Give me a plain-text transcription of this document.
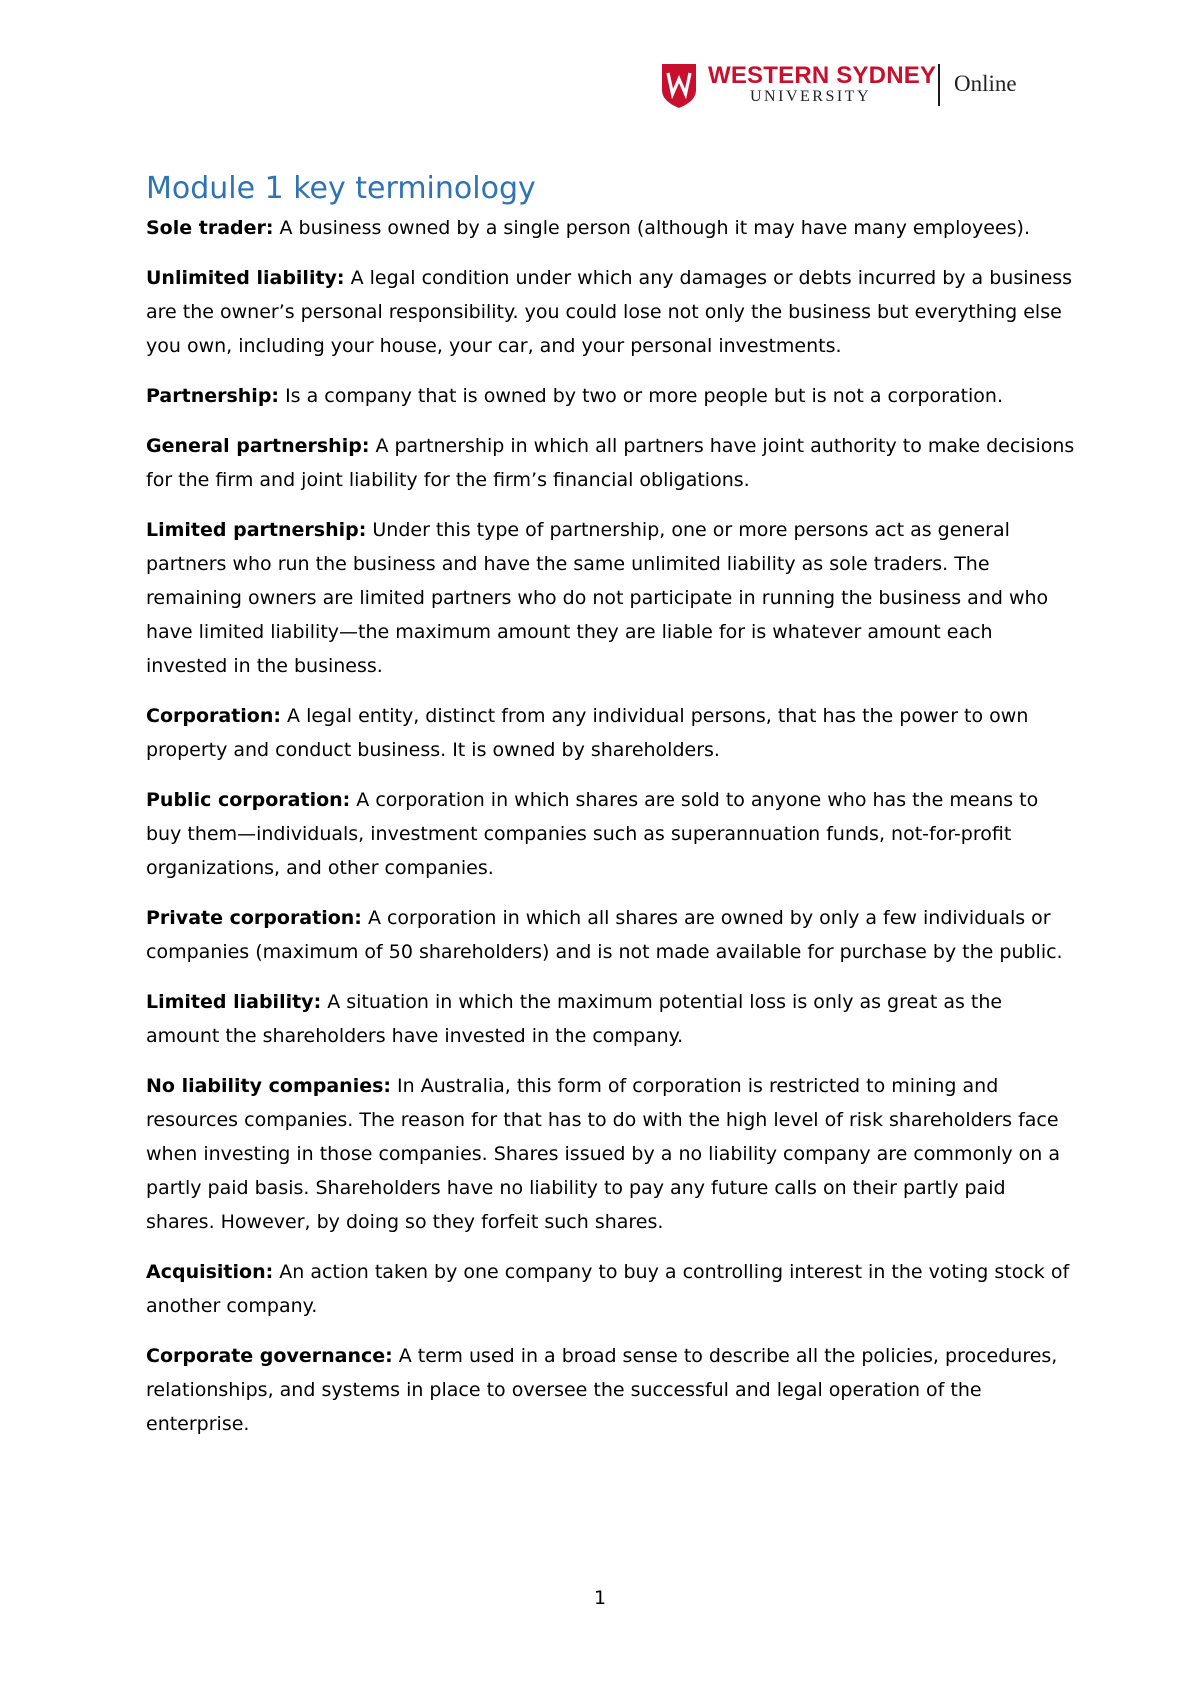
WESTERN SYDNEY
UNIVERSITY
Online
Module 1 key terminology

Sole trader: A business owned by a single person (although it may have many employees).

Unlimited liability: A legal condition under which any damages or debts incurred by a business are the owner’s personal responsibility. you could lose not only the business but everything else you own, including your house, your car, and your personal investments.

Partnership: Is a company that is owned by two or more people but is not a corporation.

General partnership: A partnership in which all partners have joint authority to make decisions for the firm and joint liability for the firm’s financial obligations.

Limited partnership: Under this type of partnership, one or more persons act as general partners who run the business and have the same unlimited liability as sole traders. The remaining owners are limited partners who do not participate in running the business and who have limited liability—the maximum amount they are liable for is whatever amount each invested in the business.

Corporation: A legal entity, distinct from any individual persons, that has the power to own property and conduct business. It is owned by shareholders.

Public corporation: A corporation in which shares are sold to anyone who has the means to buy them—individuals, investment companies such as superannuation funds, not-for-profit organizations, and other companies.

Private corporation: A corporation in which all shares are owned by only a few individuals or companies (maximum of 50 shareholders) and is not made available for purchase by the public.

Limited liability: A situation in which the maximum potential loss is only as great as the amount the shareholders have invested in the company.

No liability companies: In Australia, this form of corporation is restricted to mining and resources companies. The reason for that has to do with the high level of risk shareholders face when investing in those companies. Shares issued by a no liability company are commonly on a partly paid basis. Shareholders have no liability to pay any future calls on their partly paid shares. However, by doing so they forfeit such shares.

Acquisition: An action taken by one company to buy a controlling interest in the voting stock of another company.

Corporate governance: A term used in a broad sense to describe all the policies, procedures, relationships, and systems in place to oversee the successful and legal operation of the enterprise.

1
